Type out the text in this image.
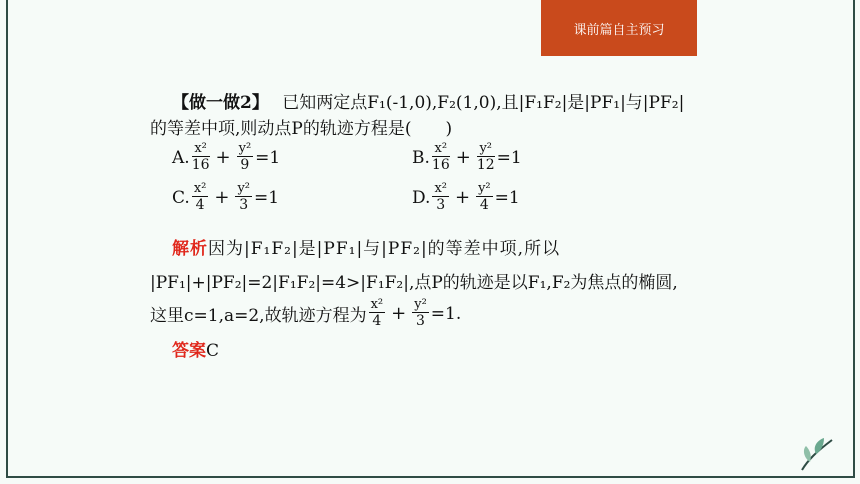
课前篇自主预习
【做一做2】 已知两定点F₁(-1,0),F₂(1,0),且|F₁F₂|是|PF₁|与|PF₂|
的等差中项,则动点P的轨迹方程是(　　)
A. $\frac{\text{x²}}{16} + \frac{\text{y²}}{9} =1$	B. $\frac{\text{x²}}{16} + \frac{\text{y²}}{12} =1$
C. $\frac{\text{x²}}{4} + \frac{\text{y²}}{3} =1$	D. $\frac{\text{x²}}{3} + \frac{\text{y²}}{4} =1$
解析因为|F₁F₂|是|PF₁|与|PF₂|的等差中项,所以
|PF₁|+|PF₂|=2|F₁F₂|=4>|F₁F₂|,点P的轨迹是以F₁,F₂为焦点的椭圆,
这里c=1,a=2,故轨迹方程为 $\frac{\text{x²}}{4} + \frac{\text{y²}}{3} =1$.
答案C
